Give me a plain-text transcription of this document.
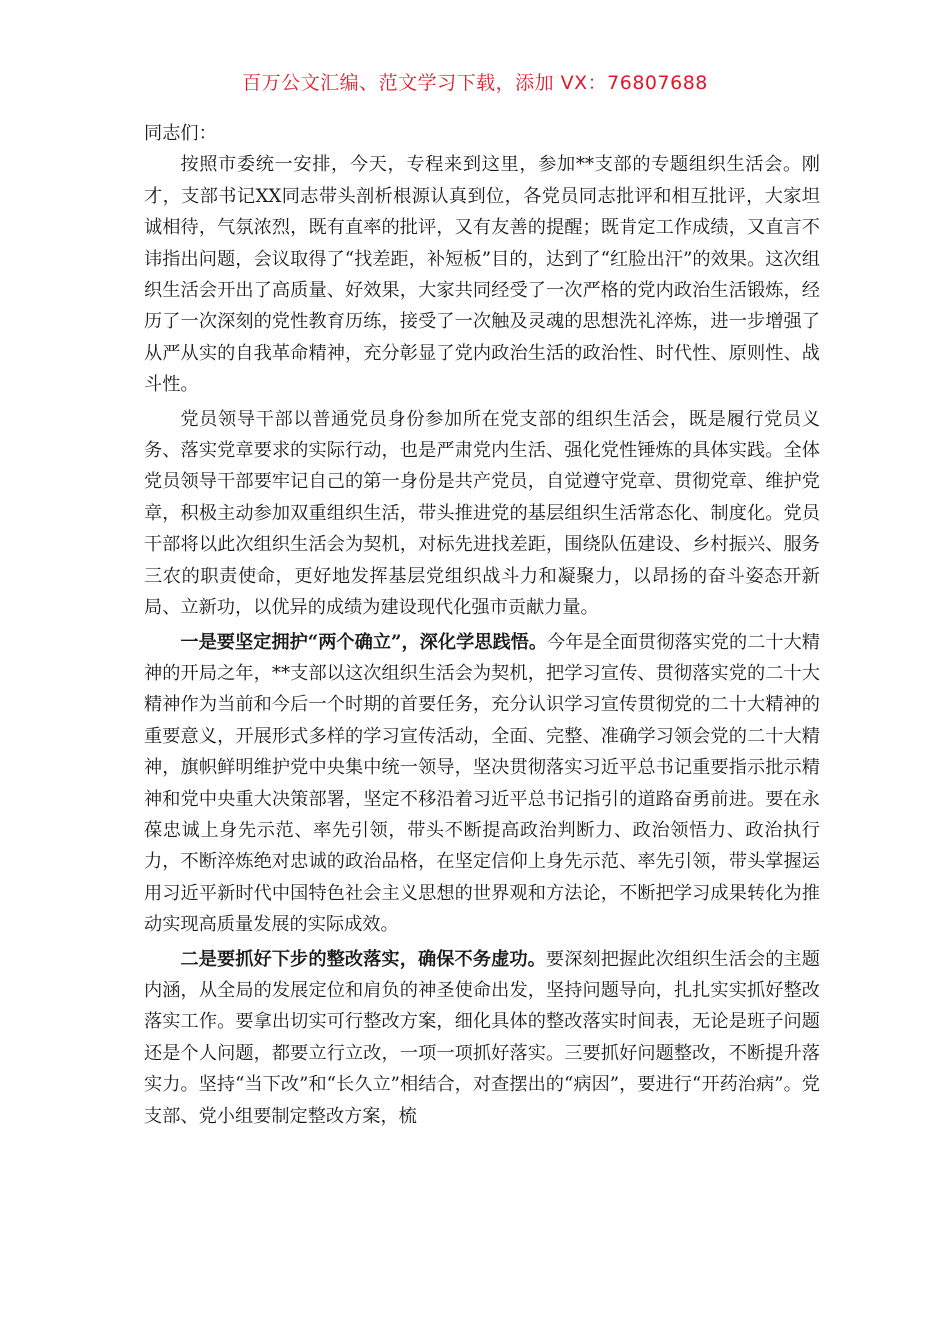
百万公文汇编、范文学习下载，添加 VX：76807688

同志们：

按照市委统一安排，今天，专程来到这里，参加**支部的专题组织生活会。刚才，支部书记XX同志带头剖析根源认真到位，各党员同志批评和相互批评，大家坦诚相待，气氛浓烈，既有直率的批评，又有友善的提醒；既肯定工作成绩，又直言不讳指出问题，会议取得了“找差距，补短板”目的，达到了“红脸出汗”的效果。这次组织生活会开出了高质量、好效果，大家共同经受了一次严格的党内政治生活锻炼，经历了一次深刻的党性教育历练，接受了一次触及灵魂的思想洗礼淬炼，进一步增强了从严从实的自我革命精神，充分彰显了党内政治生活的政治性、时代性、原则性、战斗性。

党员领导干部以普通党员身份参加所在党支部的组织生活会，既是履行党员义务、落实党章要求的实际行动，也是严肃党内生活、强化党性锤炼的具体实践。全体党员领导干部要牢记自己的第一身份是共产党员，自觉遵守党章、贯彻党章、维护党章，积极主动参加双重组织生活，带头推进党的基层组织生活常态化、制度化。党员干部将以此次组织生活会为契机，对标先进找差距，围绕队伍建设、乡村振兴、服务三农的职责使命，更好地发挥基层党组织战斗力和凝聚力，以昂扬的奋斗姿态开新局、立新功，以优异的成绩为建设现代化强市贡献力量。

一是要坚定拥护“两个确立”，深化学思践悟。今年是全面贯彻落实党的二十大精神的开局之年，**支部以这次组织生活会为契机，把学习宣传、贯彻落实党的二十大精神作为当前和今后一个时期的首要任务，充分认识学习宣传贯彻党的二十大精神的重要意义，开展形式多样的学习宣传活动，全面、完整、准确学习领会党的二十大精神，旗帜鲜明维护党中央集中统一领导，坚决贯彻落实习近平总书记重要指示批示精神和党中央重大决策部署，坚定不移沿着习近平总书记指引的道路奋勇前进。要在永葆忠诚上身先示范、率先引领，带头不断提高政治判断力、政治领悟力、政治执行力，不断淬炼绝对忠诚的政治品格，在坚定信仰上身先示范、率先引领，带头掌握运用习近平新时代中国特色社会主义思想的世界观和方法论，不断把学习成果转化为推动实现高质量发展的实际成效。

二是要抓好下步的整改落实，确保不务虚功。要深刻把握此次组织生活会的主题内涵，从全局的发展定位和肩负的神圣使命出发，坚持问题导向，扎扎实实抓好整改落实工作。要拿出切实可行整改方案，细化具体的整改落实时间表，无论是班子问题还是个人问题，都要立行立改，一项一项抓好落实。三要抓好问题整改，不断提升落实力。坚持“当下改”和“长久立”相结合，对查摆出的“病因”，要进行“开药治病”。党支部、党小组要制定整改方案，梳
